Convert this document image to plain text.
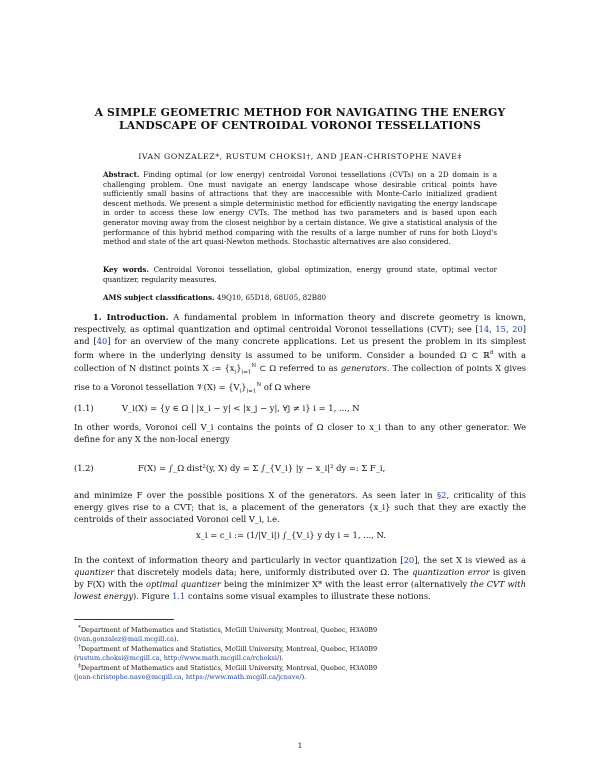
A SIMPLE GEOMETRIC METHOD FOR NAVIGATING THE ENERGY LANDSCAPE OF CENTROIDAL VORONOI TESSELLATIONS
IVAN GONZALEZ*, RUSTUM CHOKSI†, AND JEAN-CHRISTOPHE NAVE‡
Abstract. Finding optimal (or low energy) centroidal Voronoi tessellations (CVTs) on a 2D domain is a challenging problem. One must navigate an energy landscape whose desirable critical points have sufficiently small basins of attractions that they are inaccessible with Monte-Carlo initialized gradient descent methods. We present a simple deterministic method for efficiently navigating the energy landscape in order to access these low energy CVTs. The method has two parameters and is based upon each generator moving away from the closest neighbor by a certain distance. We give a statistical analysis of the performance of this hybrid method comparing with the results of a large number of runs for both Lloyd's method and state of the art quasi-Newton methods. Stochastic alternatives are also considered.
Key words. Centroidal Voronoi tessellation, global optimization, energy ground state, optimal vector quantizer, regularity measures.
AMS subject classifications. 49Q10, 65D18, 68U05, 82B80
1. Introduction. A fundamental problem in information theory and discrete geometry is known, respectively, as optimal quantization and optimal centroidal Voronoi tessellations (CVT); see [14, 15, 20] and [40] for an overview of the many concrete applications. Let us present the problem in its simplest form where in the underlying density is assumed to be uniform. Consider a bounded Ω ⊂ ℝ$^d$ with a collection of N distinct points X := $\{x_i\}_{i=1}^N$ ⊂ Ω referred to as generators. The collection of points X gives rise to a Voronoi tessellation 𝒱(X) = $\{V_i\}_{i=1}^N$ of Ω where
(1.1)	V_i(X) = {y ∈ Ω | |x_i − y| < |x_j − y|, ∀j ≠ i} i = 1, ..., N
In other words, Voronoi cell V_i contains the points of Ω closer to x_i than to any other generator. We define for any X the non-local energy
(1.2)	F(X) = ∫_Ω dist²(y, X) dy = Σ ∫_{V_i} |y − x_i|² dy =: Σ F_i,
and minimize F over the possible positions X of the generators. As seen later in §2, criticality of this energy gives rise to a CVT; that is, a placement of the generators {x_i} such that they are exactly the centroids of their associated Voronoi cell V_i, i.e.
x_i = c_i := (1/|V_i|) ∫_{V_i} y dy i = 1, ..., N.
In the context of information theory and particularly in vector quantization [20], the set X is viewed as a quantizer that discretely models data; here, uniformly distributed over Ω. The quantization error is given by F(X) with the optimal quantizer being the minimizer X* with the least error (alternatively the CVT with lowest energy). Figure 1.1 contains some visual examples to illustrate these notions.
*Department of Mathematics and Statistics, McGill University, Montreal, Quebec, H3A0B9
(ivan.gonzalez@mail.mcgill.ca).
†Department of Mathematics and Statistics, McGill University, Montreal, Quebec, H3A0B9
(rustum.choksi@mcgill.ca, http://www.math.mcgill.ca/rchoksi/).
‡Department of Mathematics and Statistics, McGill University, Montreal, Quebec, H3A0B9
(jean-christophe.nave@mcgill.ca, https://www.math.mcgill.ca/jcnave/).
1
